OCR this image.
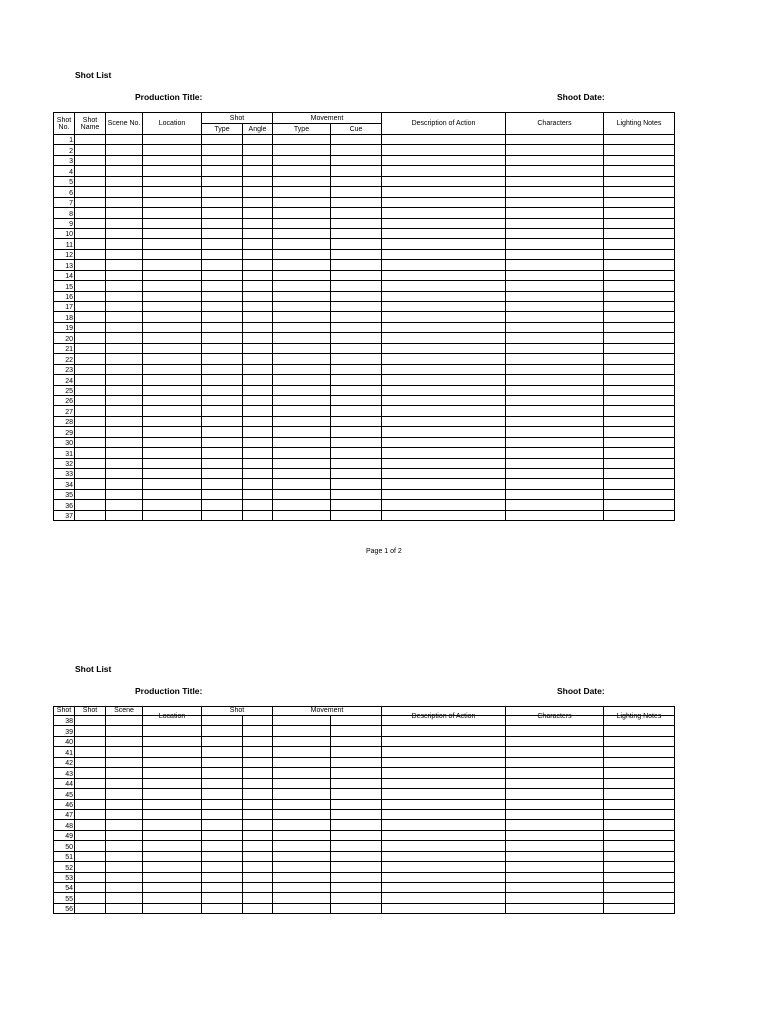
Shot List
Production Title:	Shoot Date:
Shot No.	Shot Name	Scene No.	Location	Shot		Movement		Description of Action	Characters	Lighting Notes
				Type	Angle	Type	Cue			
1										
2										
3										
4										
5										
6										
7										
8										
9										
10										
11										
12										
13										
14										
15										
16										
17										
18										
19										
20										
21										
22										
23										
24										
25										
26										
27										
28										
29										
30										
31										
32										
33										
34										
35										
36										
37										
Page 1 of 2
Shot List
Production Title:	Shoot Date:
Shot	Shot	Scene	Location	Shot		Movement		Description of Action	Characters	Lighting Notes

38										
39										
40										
41										
42										
43										
44										
45										
46										
47										
48										
49										
50										
51										
52										
53										
54										
55										
56										
